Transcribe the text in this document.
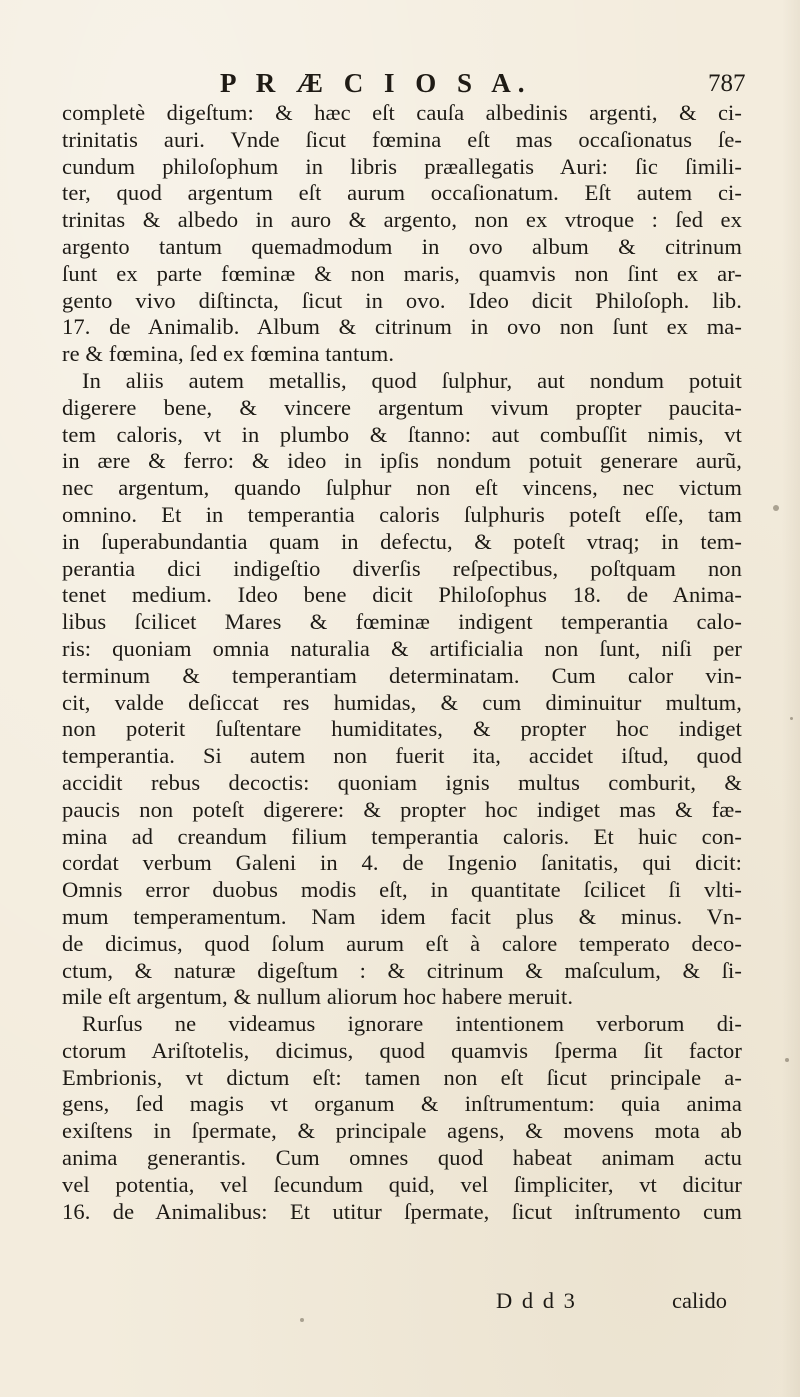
P R Æ C I O S A.	787
completè digeſtum: & hæc eſt cauſa albedinis argenti, & ci-
trinitatis auri. Vnde ſicut fœmina eſt mas occaſionatus ſe-
cundum philoſophum in libris præallegatis Auri: ſic ſimili-
ter, quod argentum eſt aurum occaſionatum. Eſt autem ci-
trinitas & albedo in auro & argento, non ex vtroque : ſed ex
argento tantum quemadmodum in ovo album & citrinum
ſunt ex parte fœminæ & non maris, quamvis non ſint ex ar-
gento vivo diſtincta, ſicut in ovo. Ideo dicit Philoſoph. lib.
17. de Animalib. Album & citrinum in ovo non ſunt ex ma-
re & fœmina, ſed ex fœmina tantum.
In aliis autem metallis, quod ſulphur, aut nondum potuit
digerere bene, & vincere argentum vivum propter paucita-
tem caloris, vt in plumbo & ſtanno: aut combuſſit nimis, vt
in ære & ferro: & ideo in ipſis nondum potuit generare aurũ,
nec argentum, quando ſulphur non eſt vincens, nec victum
omnino. Et in temperantia caloris ſulphuris poteſt eſſe, tam
in ſuperabundantia quam in defectu, & poteſt vtraq; in tem-
perantia dici indigeſtio diverſis reſpectibus, poſtquam non
tenet medium. Ideo bene dicit Philoſophus 18. de Anima-
libus ſcilicet Mares & fœminæ indigent temperantia calo-
ris: quoniam omnia naturalia & artificialia non ſunt, niſi per
terminum & temperantiam determinatam. Cum calor vin-
cit, valde deſiccat res humidas, & cum diminuitur multum,
non poterit ſuſtentare humiditates, & propter hoc indiget
temperantia. Si autem non fuerit ita, accidet iſtud, quod
accidit rebus decoctis: quoniam ignis multus comburit, &
paucis non poteſt digerere: & propter hoc indiget mas & fæ-
mina ad creandum filium temperantia caloris. Et huic con-
cordat verbum Galeni in 4. de Ingenio ſanitatis, qui dicit:
Omnis error duobus modis eſt, in quantitate ſcilicet ſi vlti-
mum temperamentum. Nam idem facit plus & minus. Vn-
de dicimus, quod ſolum aurum eſt à calore temperato deco-
ctum, & naturæ digeſtum : & citrinum & maſculum, & ſi-
mile eſt argentum, & nullum aliorum hoc habere meruit.
Rurſus ne videamus ignorare intentionem verborum di-
ctorum Ariſtotelis, dicimus, quod quamvis ſperma ſit factor
Embrionis, vt dictum eſt: tamen non eſt ſicut principale a-
gens, ſed magis vt organum & inſtrumentum: quia anima
exiſtens in ſpermate, & principale agens, & movens mota ab
anima generantis. Cum omnes quod habeat animam actu
vel potentia, vel ſecundum quid, vel ſimpliciter, vt dicitur
16. de Animalibus: Et utitur ſpermate, ſicut inſtrumento cum
D d d 3	calido
